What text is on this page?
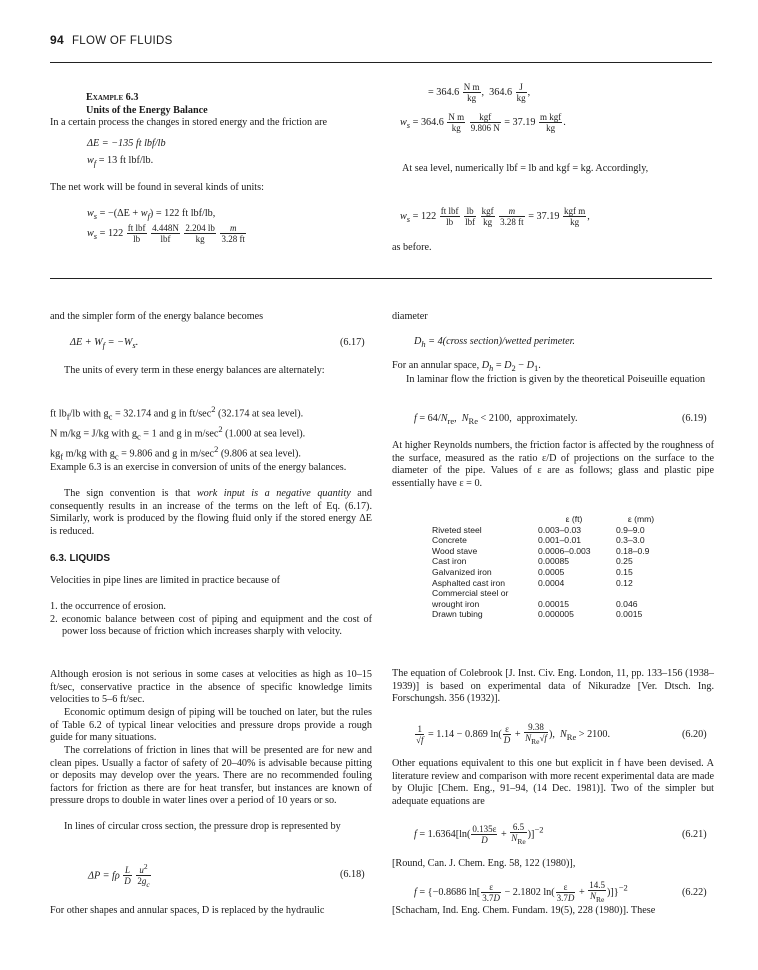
94 FLOW OF FLUIDS
Example 6.3
Units of the Energy Balance
In a certain process the changes in stored energy and the friction are
ΔE = −135 ft lbf/lb
$w_f = 13$ ft lbf/lb.
The net work will be found in several kinds of units:
$w_s = -(\Delta E + w_f) = 122$ ft lbf/lb,
$w_s = 122 \frac{\text{ft lbf}}{lb}$
$\frac{4.448N}{\text{lbf}}$
$\frac{2.204 lb}{kg}$
$\frac{m}{3.28 ft}$
= $364.6 \frac{\text{N m}}{kg}$ ,  $364.6 \frac{J}{kg}$ ,
$w_s = 364.6 \frac{\text{N m}}{kg}$
$\frac{\text{kgf}}{9.806 N} = 37.19 \frac{\text{m kgf}}{kg}$ .
At sea level, numerically lbf = lb and kgf = kg. Accordingly,
$w_s = 122 \frac{\text{ft lbf}}{lb}$
$\frac{lb}{\text{lbf}}$
$\frac{\text{kgf}}{kg}$
$\frac{m}{3.28 ft} = 37.19 \frac{\text{kgf m}}{kg}$ ,
as before.
and the simpler form of the energy balance becomes
$\Delta E + W_f = -W_s$.	(6.17)
The units of every term in these energy balances are alternately:

ft $lb_f/lb$ with $g_c = 32.174$ and g in $ft/\sec^2$ (32.174 at sea level).

N m/kg = J/kg with $g_c = 1$ and g in $m/\sec^2$ (1.000 at sea level).

$kg_f$ m/kg with $g_c = 9.806$ and g in $m/\sec^2$ (9.806 at sea level).

Example 6.3 is an exercise in conversion of units of the energy balances.
The sign convention is that work input is a negative quantity and consequently results in an increase of the terms on the left of Eq. (6.17). Similarly, work is produced by the flowing fluid only if the stored energy ΔE is reduced.
6.3. LIQUIDS
Velocities in pipe lines are limited in practice because of

1. the occurrence of erosion.

2. economic balance between cost of piping and equipment and the cost of power loss because of friction which increases sharply with velocity.

Although erosion is not serious in some cases at velocities as high as 10–15 ft/sec, conservative practice in the absence of specific knowledge limits velocities to 5–6 ft/sec.
Economic optimum design of piping will be touched on later, but the rules of Table 6.2 of typical linear velocities and pressure drops provide a rough guide for many situations.
The correlations of friction in lines that will be presented are for new and clean pipes. Usually a factor of safety of 20–40% is advisable because pitting or deposits may develop over the years. There are no recommended fouling factors for friction as there are for heat transfer, but instances are known of pressure drops to double in water lines over a period of 10 years or so.
In lines of circular cross section, the pressure drop is represented by
ΔP = fρ $\frac{L}{D}$
$\frac{u^2}{2g_c}$	(6.18)
For other shapes and annular spaces, D is replaced by the hydraulic
diameter
$D_h$ = 4(cross section)/wetted perimeter.
For an annular space, $D_h = D_2 - D_1$.
In laminar flow the friction is given by the theoretical Poiseuille equation
$f = 64/N_{re}$,  $N_{Re} < 2100$,  approximately.	(6.19)
At higher Reynolds numbers, the friction factor is affected by the roughness of the surface, measured as the ratio ε/D of projections on the surface to the diameter of the pipe. Values of ε are as follows; glass and plastic pipe essentially have ε = 0.
	ε (ft)	ε (mm)
Riveted steel	0.003–0.03	0.9–9.0
Concrete	0.001–0.01	0.3–3.0
Wood stave	0.0006–0.003	0.18–0.9
Cast iron	0.00085	0.25
Galvanized iron	0.0005	0.15
Asphalted cast iron	0.0004	0.12
Commercial steel or wrought iron	0.00015	0.046
Drawn tubing	0.000005	0.0015
The equation of Colebrook [J. Inst. Civ. Eng. London, 11, pp. 133–156 (1938–1939)] is based on experimental data of Nikuradze [Ver. Dtsch. Ing. Forschungsh. 356 (1932)].
$\frac{1}{√f} = 1.14 - 0.869$ $\ln( \frac{\varepsilon}{D} + \frac{9.38}{N_{Re}√f}$ ),  $N_{Re} > 2100$.	(6.20)
Other equations equivalent to this one but explicit in f have been devised. A literature review and comparison with more recent experimental data are made by Olujic [Chem. Eng., 91–94, (14 Dec. 1981)]. Two of the simpler but adequate equations are
$f = 1.6364[\ln( \frac{0.135\varepsilon}{D} + \frac{6.5}{N_{Re}} )]^{-2}$	(6.21)
[Round, Can. J. Chem. Eng. 58, 122 (1980)],
f = {−0.8686 $\ln[ \frac{\varepsilon}{3.7D} - 2.1802$ $\ln( \frac{\varepsilon}{3.7D} + \frac{14.5}{N_{Re}} )]\}^{-2}$	(6.22)
[Schacham, Ind. Eng. Chem. Fundam. 19(5), 228 (1980)]. These
